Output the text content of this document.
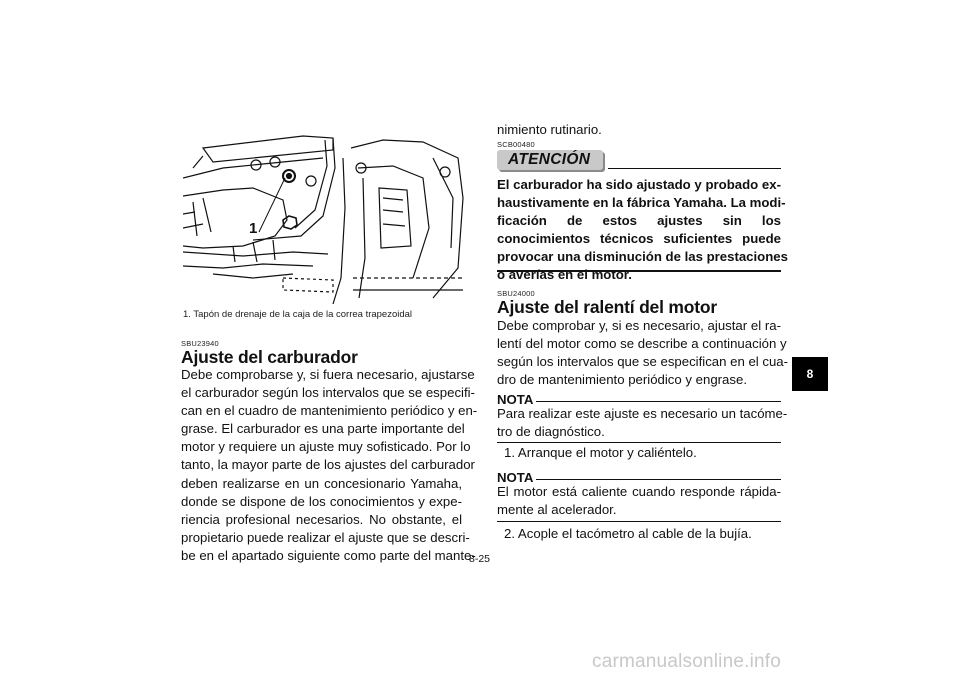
1
1. Tapón de drenaje de la caja de la correa trapezoidal
SBU23940
Ajuste del carburador
Debe comprobarse y, si fuera necesario, ajustarse
el carburador según los intervalos que se especifi-
can en el cuadro de mantenimiento periódico y en-
grase. El carburador es una parte importante del
motor y requiere un ajuste muy sofisticado. Por lo
tanto, la mayor parte de los ajustes del carburador
deben realizarse en un concesionario Yamaha,
donde se dispone de los conocimientos y expe-
riencia profesional necesarios. No obstante, el
propietario puede realizar el ajuste que se descri-
be en el apartado siguiente como parte del mante-
nimiento rutinario.
SCB00480
ATENCIÓN
El carburador ha sido ajustado y probado ex-
haustivamente en la fábrica Yamaha. La modi-
ficación de estos ajustes sin los
conocimientos técnicos suficientes puede
provocar una disminución de las prestaciones
o averías en el motor.
SBU24000
Ajuste del ralentí del motor
Debe comprobar y, si es necesario, ajustar el ra-
lentí del motor como se describe a continuación y
según los intervalos que se especifican en el cua-
dro de mantenimiento periódico y engrase.
NOTA
Para realizar este ajuste es necesario un tacóme-
tro de diagnóstico.
1. Arranque el motor y caliéntelo.
NOTA
El motor está caliente cuando responde rápida-
mente al acelerador.
2. Acople el tacómetro al cable de la bujía.
8
8-25
carmanualsonline.info
